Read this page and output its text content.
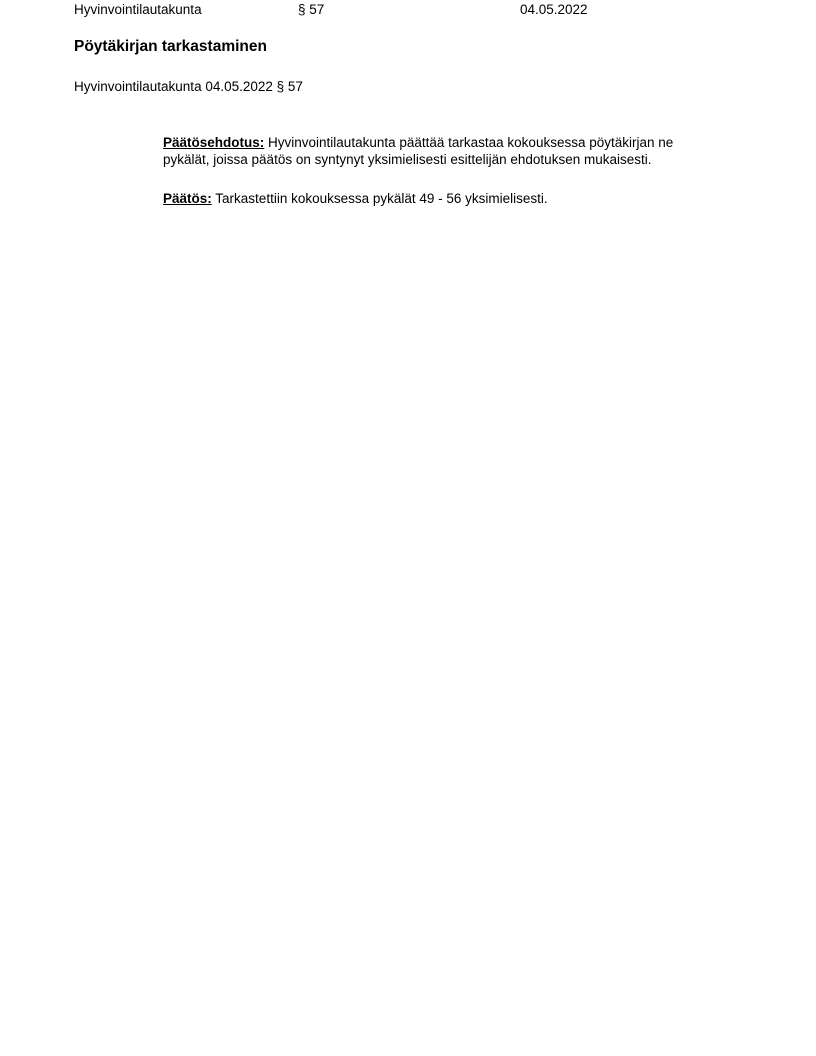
Hyvinvointilautakunta	§ 57	04.05.2022
Pöytäkirjan tarkastaminen
Hyvinvointilautakunta 04.05.2022 § 57

Päätösehdotus: Hyvinvointilautakunta päättää tarkastaa kokouksessa pöytäkirjan ne pykälät, joissa päätös on syntynyt yksimielisesti esittelijän ehdotuksen mukaisesti.

Päätös: Tarkastettiin kokouksessa pykälät 49 - 56 yksimielisesti.
